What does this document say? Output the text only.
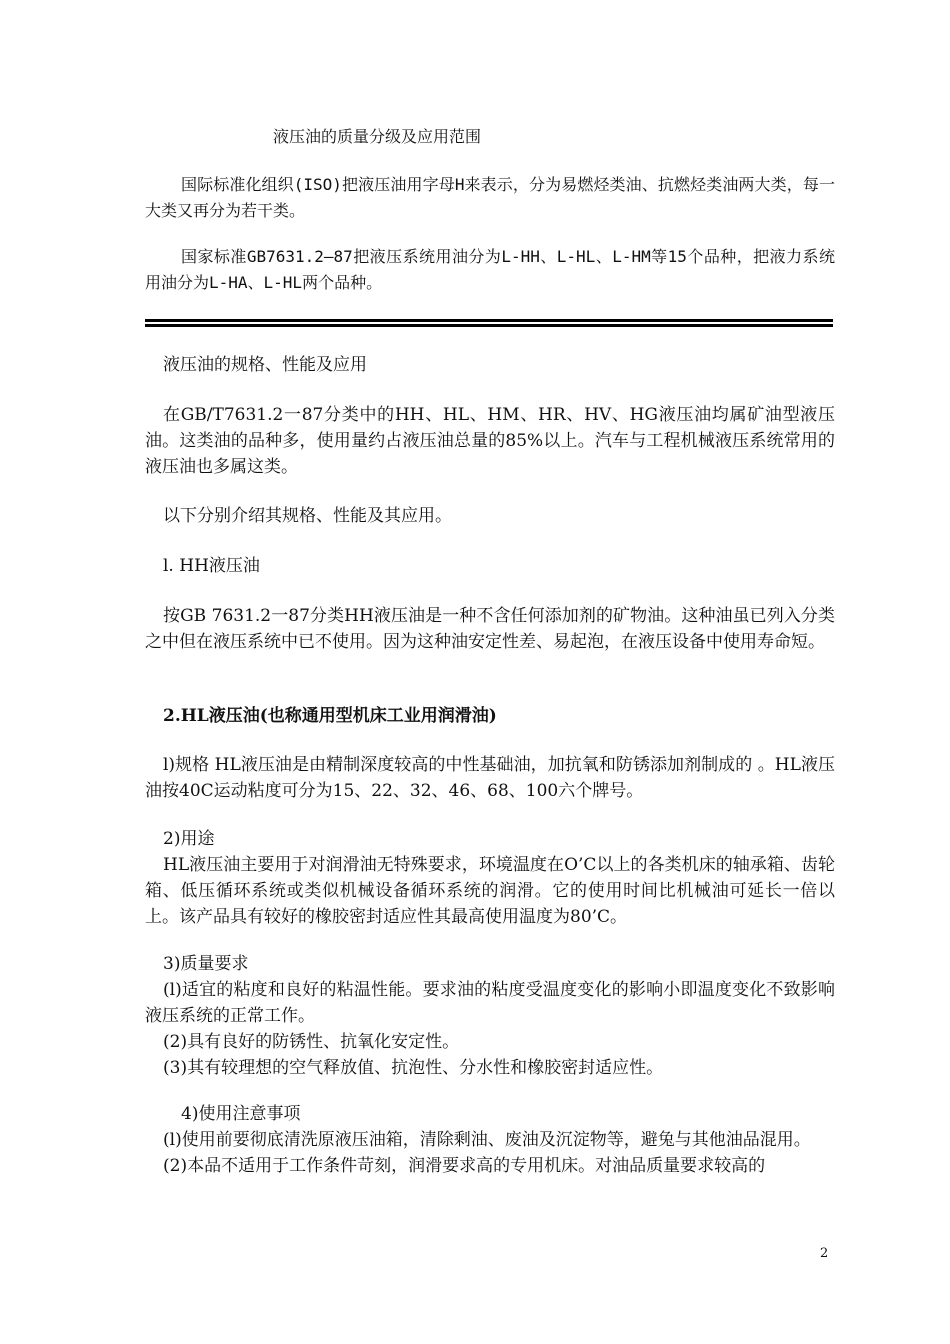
液压油的质量分级及应用范围

国际标准化组织(ISO)把液压油用字母H来表示，分为易燃烃类油、抗燃烃类油两大类，每一大类又再分为若干类。

国家标准GB7631.2—87把液压系统用油分为L-HH、L-HL、L-HM等15个品种，把液力系统用油分为L-HA、L-HL两个品种。

液压油的规格、性能及应用

在GB/T7631.2一87分类中的HH、HL、HM、HR、HV、HG液压油均属矿油型液压油。这类油的品种多，使用量约占液压油总量的85%以上。汽车与工程机械液压系统常用的液压油也多属这类。

以下分别介绍其规格、性能及其应用。

l. HH液压油

按GB 7631.2一87分类HH液压油是一种不含任何添加剂的矿物油。这种油虽已列入分类之中但在液压系统中已不使用。因为这种油安定性差、易起泡，在液压设备中使用寿命短。

2.HL液压油(也称通用型机床工业用润滑油)

l)规格 HL液压油是由精制深度较高的中性基础油，加抗氧和防锈添加剂制成的 。HL液压油按40C运动粘度可分为15、22、32、46、68、100六个牌号。

2)用途

HL液压油主要用于对润滑油无特殊要求，环境温度在O’C以上的各类机床的轴承箱、齿轮箱、低压循环系统或类似机械设备循环系统的润滑。它的使用时间比机械油可延长一倍以上。该产品具有较好的橡胶密封适应性其最高使用温度为80’C。

3)质量要求

(l)适宜的粘度和良好的粘温性能。要求油的粘度受温度变化的影响小即温度变化不致影响液压系统的正常工作。

(2)具有良好的防锈性、抗氧化安定性。

(3)其有较理想的空气释放值、抗泡性、分水性和橡胶密封适应性。

4)使用注意事项

(l)使用前要彻底清洗原液压油箱，清除剩油、废油及沉淀物等，避兔与其他油品混用。

(2)本品不适用于工作条件苛刻，润滑要求高的专用机床。对油品质量要求较高的

2
